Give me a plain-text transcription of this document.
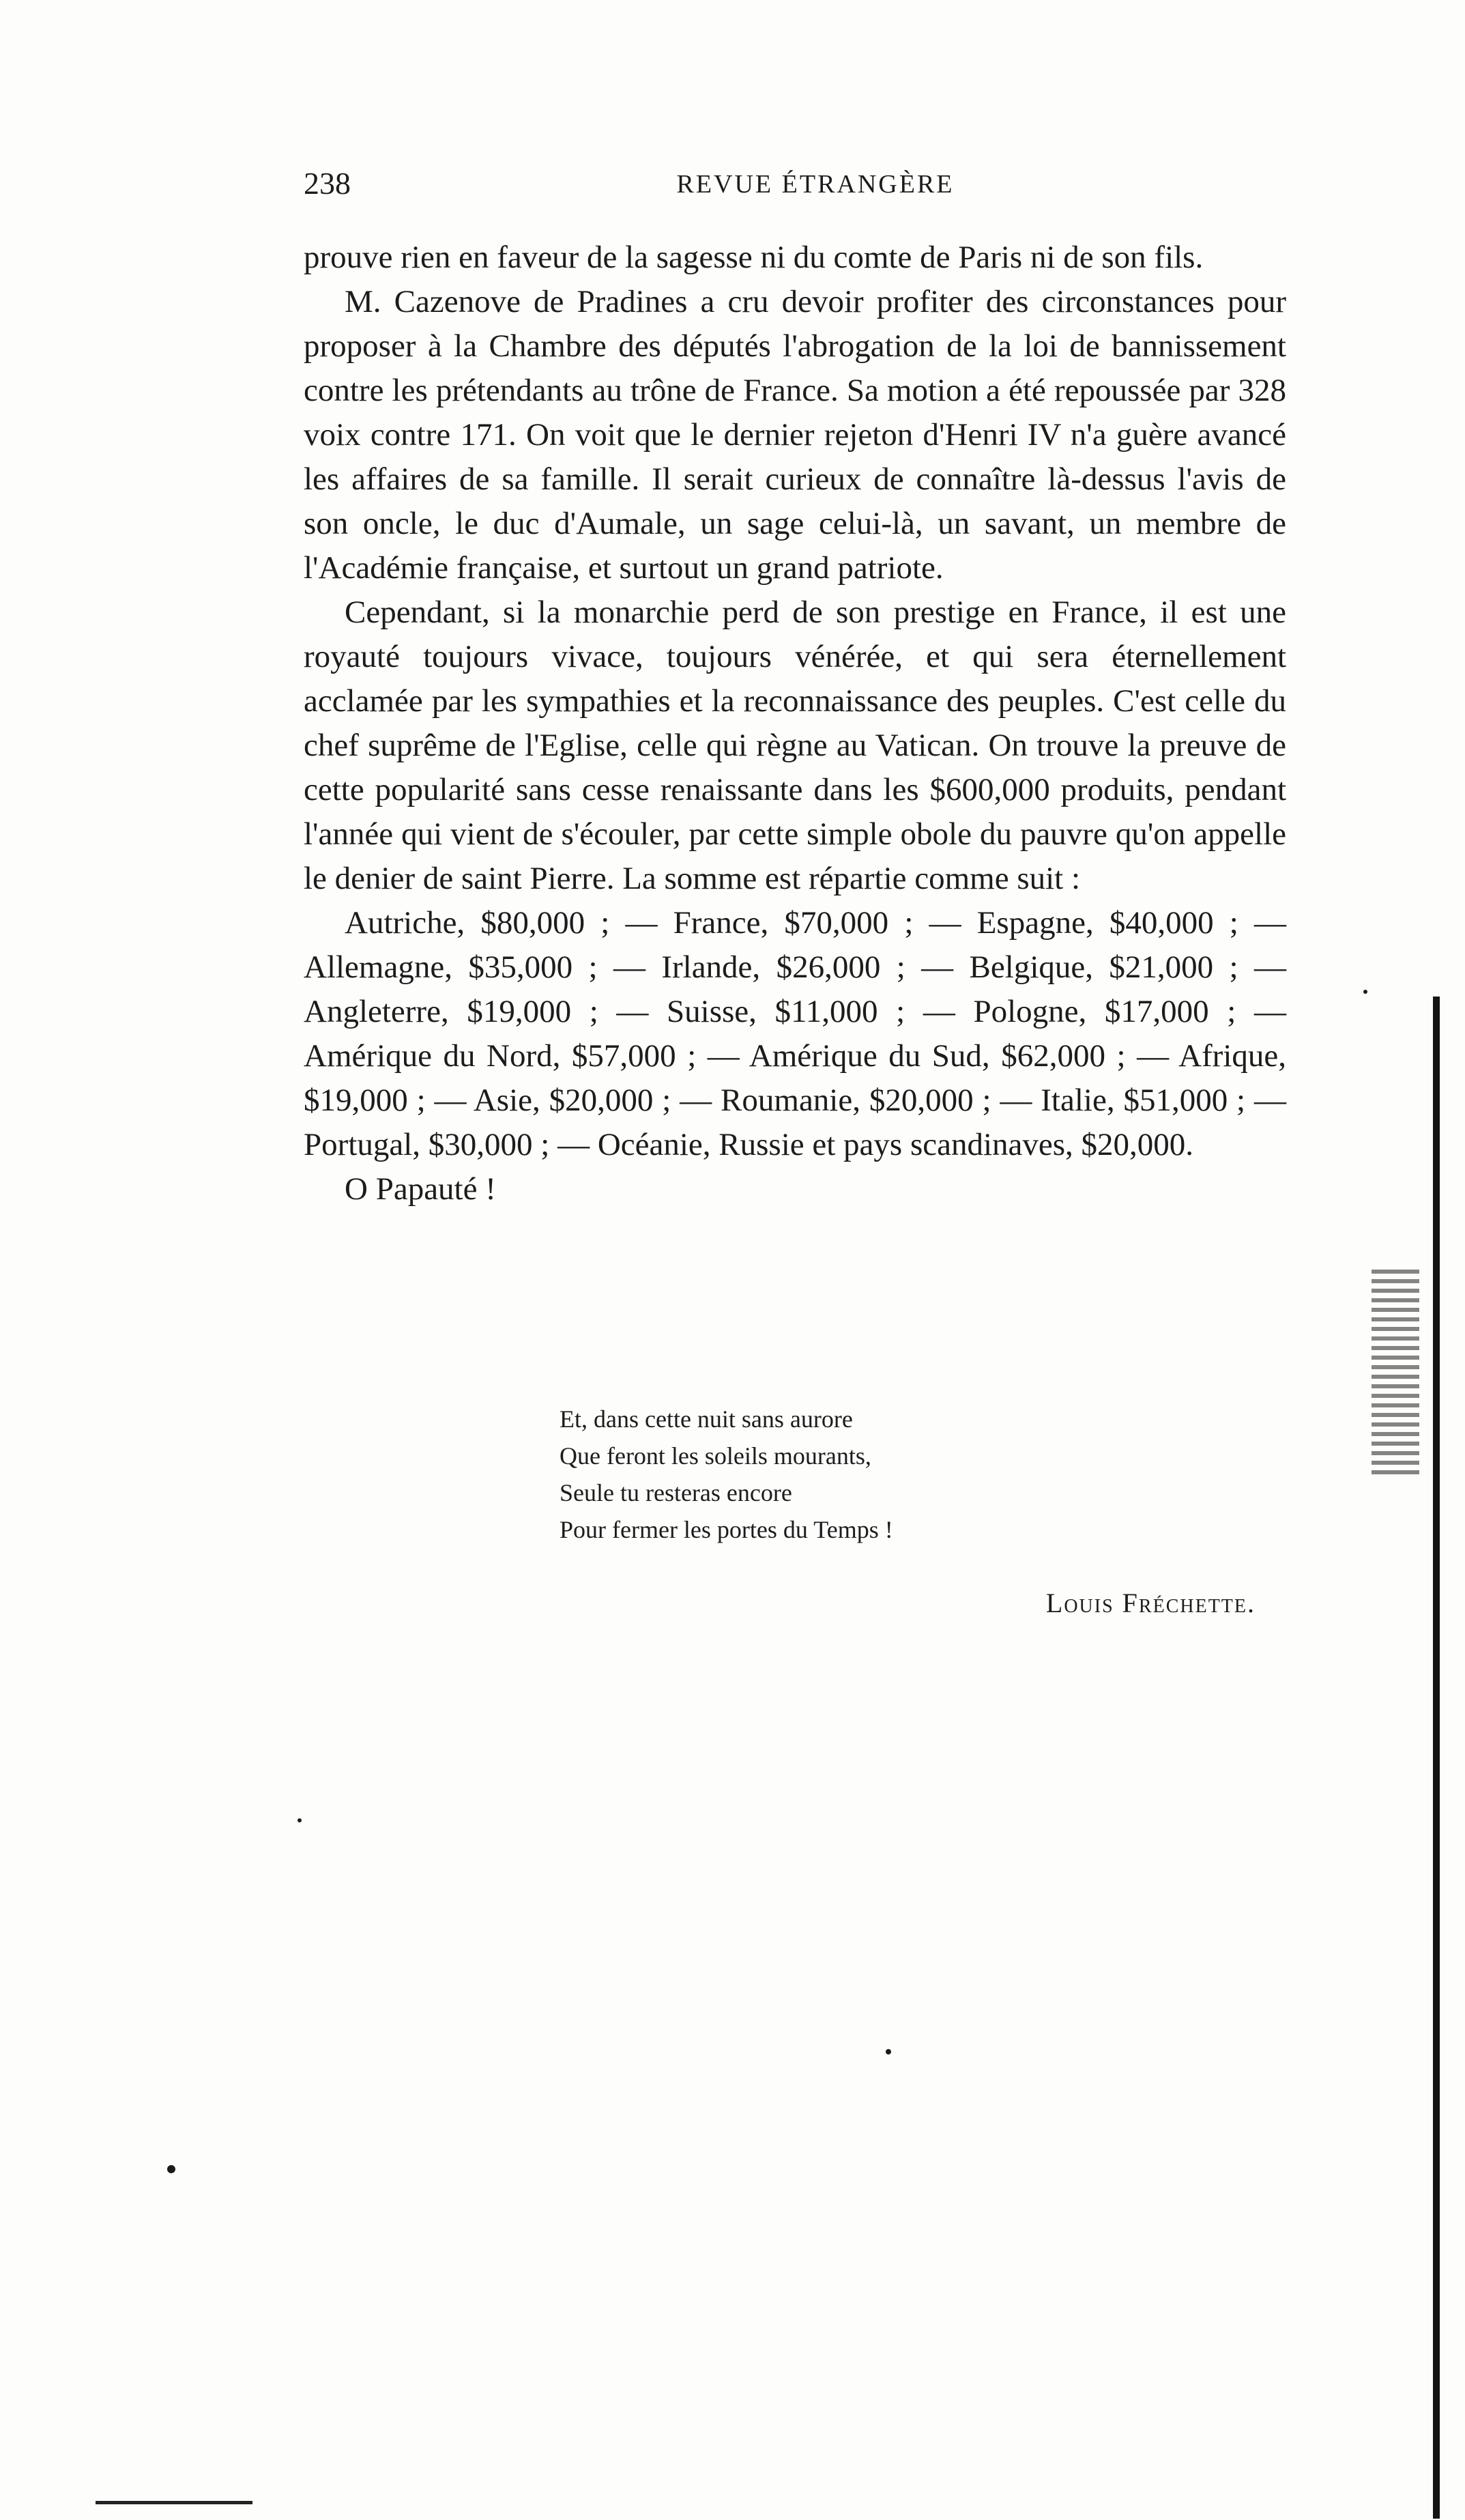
238	REVUE ÉTRANGÈRE

prouve rien en faveur de la sagesse ni du comte de Paris ni de son fils.

M. Cazenove de Pradines a cru devoir profiter des circonstances pour proposer à la Chambre des députés l'abrogation de la loi de bannissement contre les prétendants au trône de France. Sa motion a été repoussée par 328 voix contre 171. On voit que le dernier rejeton d'Henri IV n'a guère avancé les affaires de sa famille. Il serait curieux de connaître là-dessus l'avis de son oncle, le duc d'Aumale, un sage celui-là, un savant, un membre de l'Académie française, et surtout un grand patriote.

Cependant, si la monarchie perd de son prestige en France, il est une royauté toujours vivace, toujours vénérée, et qui sera éternellement acclamée par les sympathies et la reconnaissance des peuples. C'est celle du chef suprême de l'Eglise, celle qui règne au Vatican. On trouve la preuve de cette popularité sans cesse renaissante dans les $600,000 produits, pendant l'année qui vient de s'écouler, par cette simple obole du pauvre qu'on appelle le denier de saint Pierre. La somme est répartie comme suit :

Autriche, $80,000 ; — France, $70,000 ; — Espagne, $40,000 ; — Allemagne, $35,000 ; — Irlande, $26,000 ; — Belgique, $21,000 ; — Angleterre, $19,000 ; — Suisse, $11,000 ; — Pologne, $17,000 ; — Amérique du Nord, $57,000 ; — Amérique du Sud, $62,000 ; — Afrique, $19,000 ; — Asie, $20,000 ; — Roumanie, $20,000 ; — Italie, $51,000 ; — Portugal, $30,000 ; — Océanie, Russie et pays scandinaves, $20,000.

O Papauté !

Et, dans cette nuit sans aurore
Que feront les soleils mourants,
Seule tu resteras encore
Pour fermer les portes du Temps !
Louis Fréchette.
